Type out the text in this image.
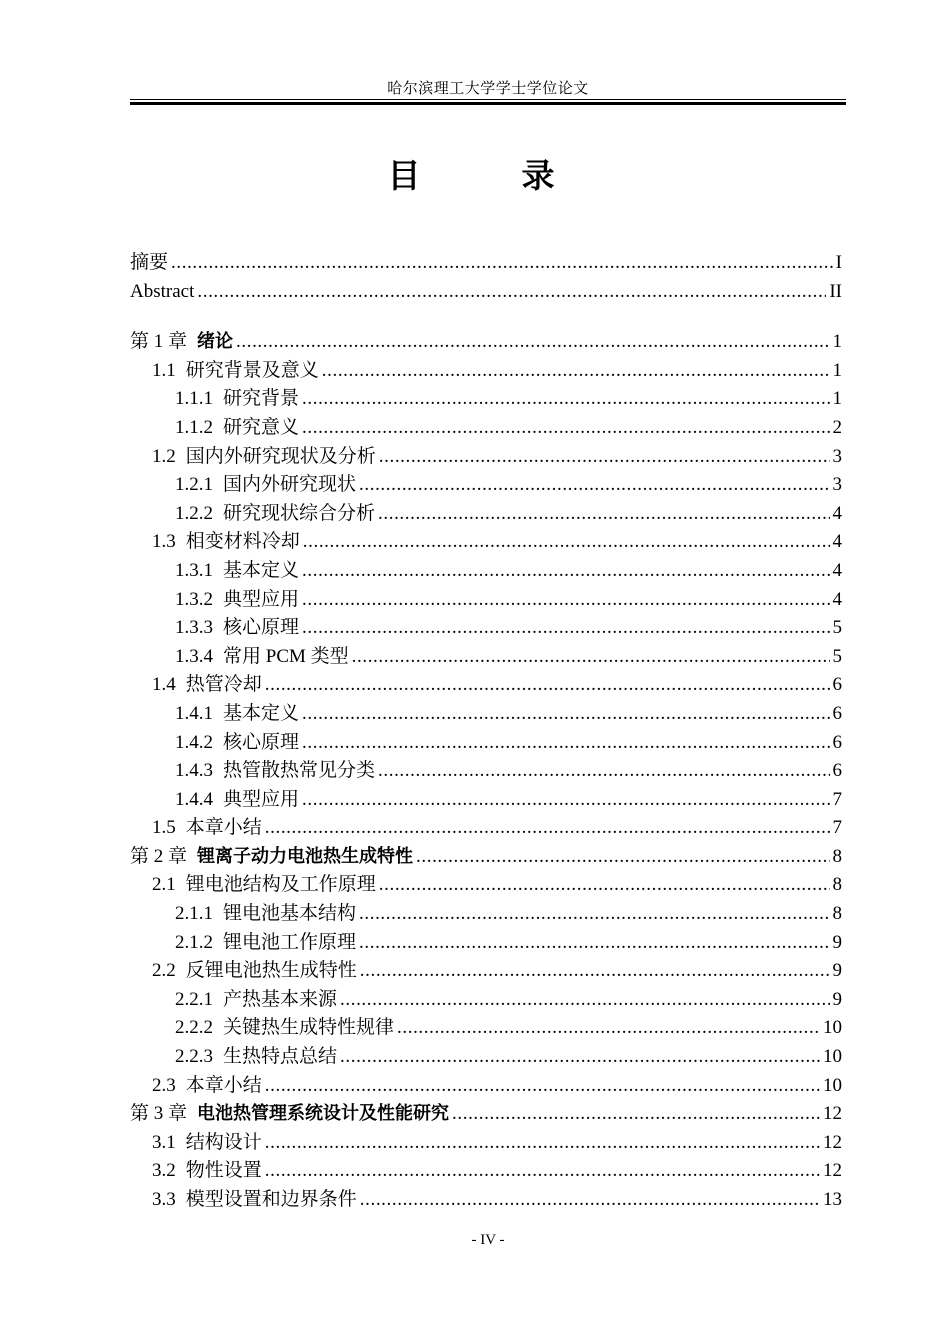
哈尔滨理工大学学士学位论文
目　录
摘要 .....	I
Abstract .....	II
第 1 章 绪论 .....	1
1.1 研究背景及意义 .....	1
1.1.1 研究背景 .....	1
1.1.2 研究意义 .....	2
1.2 国内外研究现状及分析 .....	3
1.2.1 国内外研究现状 .....	3
1.2.2 研究现状综合分析 .....	4
1.3 相变材料冷却 .....	4
1.3.1 基本定义 .....	4
1.3.2 典型应用 .....	4
1.3.3 核心原理 .....	5
1.3.4 常用 PCM 类型 .....	5
1.4 热管冷却 .....	6
1.4.1 基本定义 .....	6
1.4.2 核心原理 .....	6
1.4.3 热管散热常见分类 .....	6
1.4.4 典型应用 .....	7
1.5 本章小结 .....	7
第 2 章 锂离子动力电池热生成特性 .....	8
2.1 锂电池结构及工作原理 .....	8
2.1.1 锂电池基本结构 .....	8
2.1.2 锂电池工作原理 .....	9
2.2 反锂电池热生成特性 .....	9
2.2.1 产热基本来源 .....	9
2.2.2 关键热生成特性规律 .....	10
2.2.3 生热特点总结 .....	10
2.3 本章小结 .....	10
第 3 章 电池热管理系统设计及性能研究 .....	12
3.1 结构设计 .....	12
3.2 物性设置 .....	12
3.3 模型设置和边界条件 .....	13
- IV -
